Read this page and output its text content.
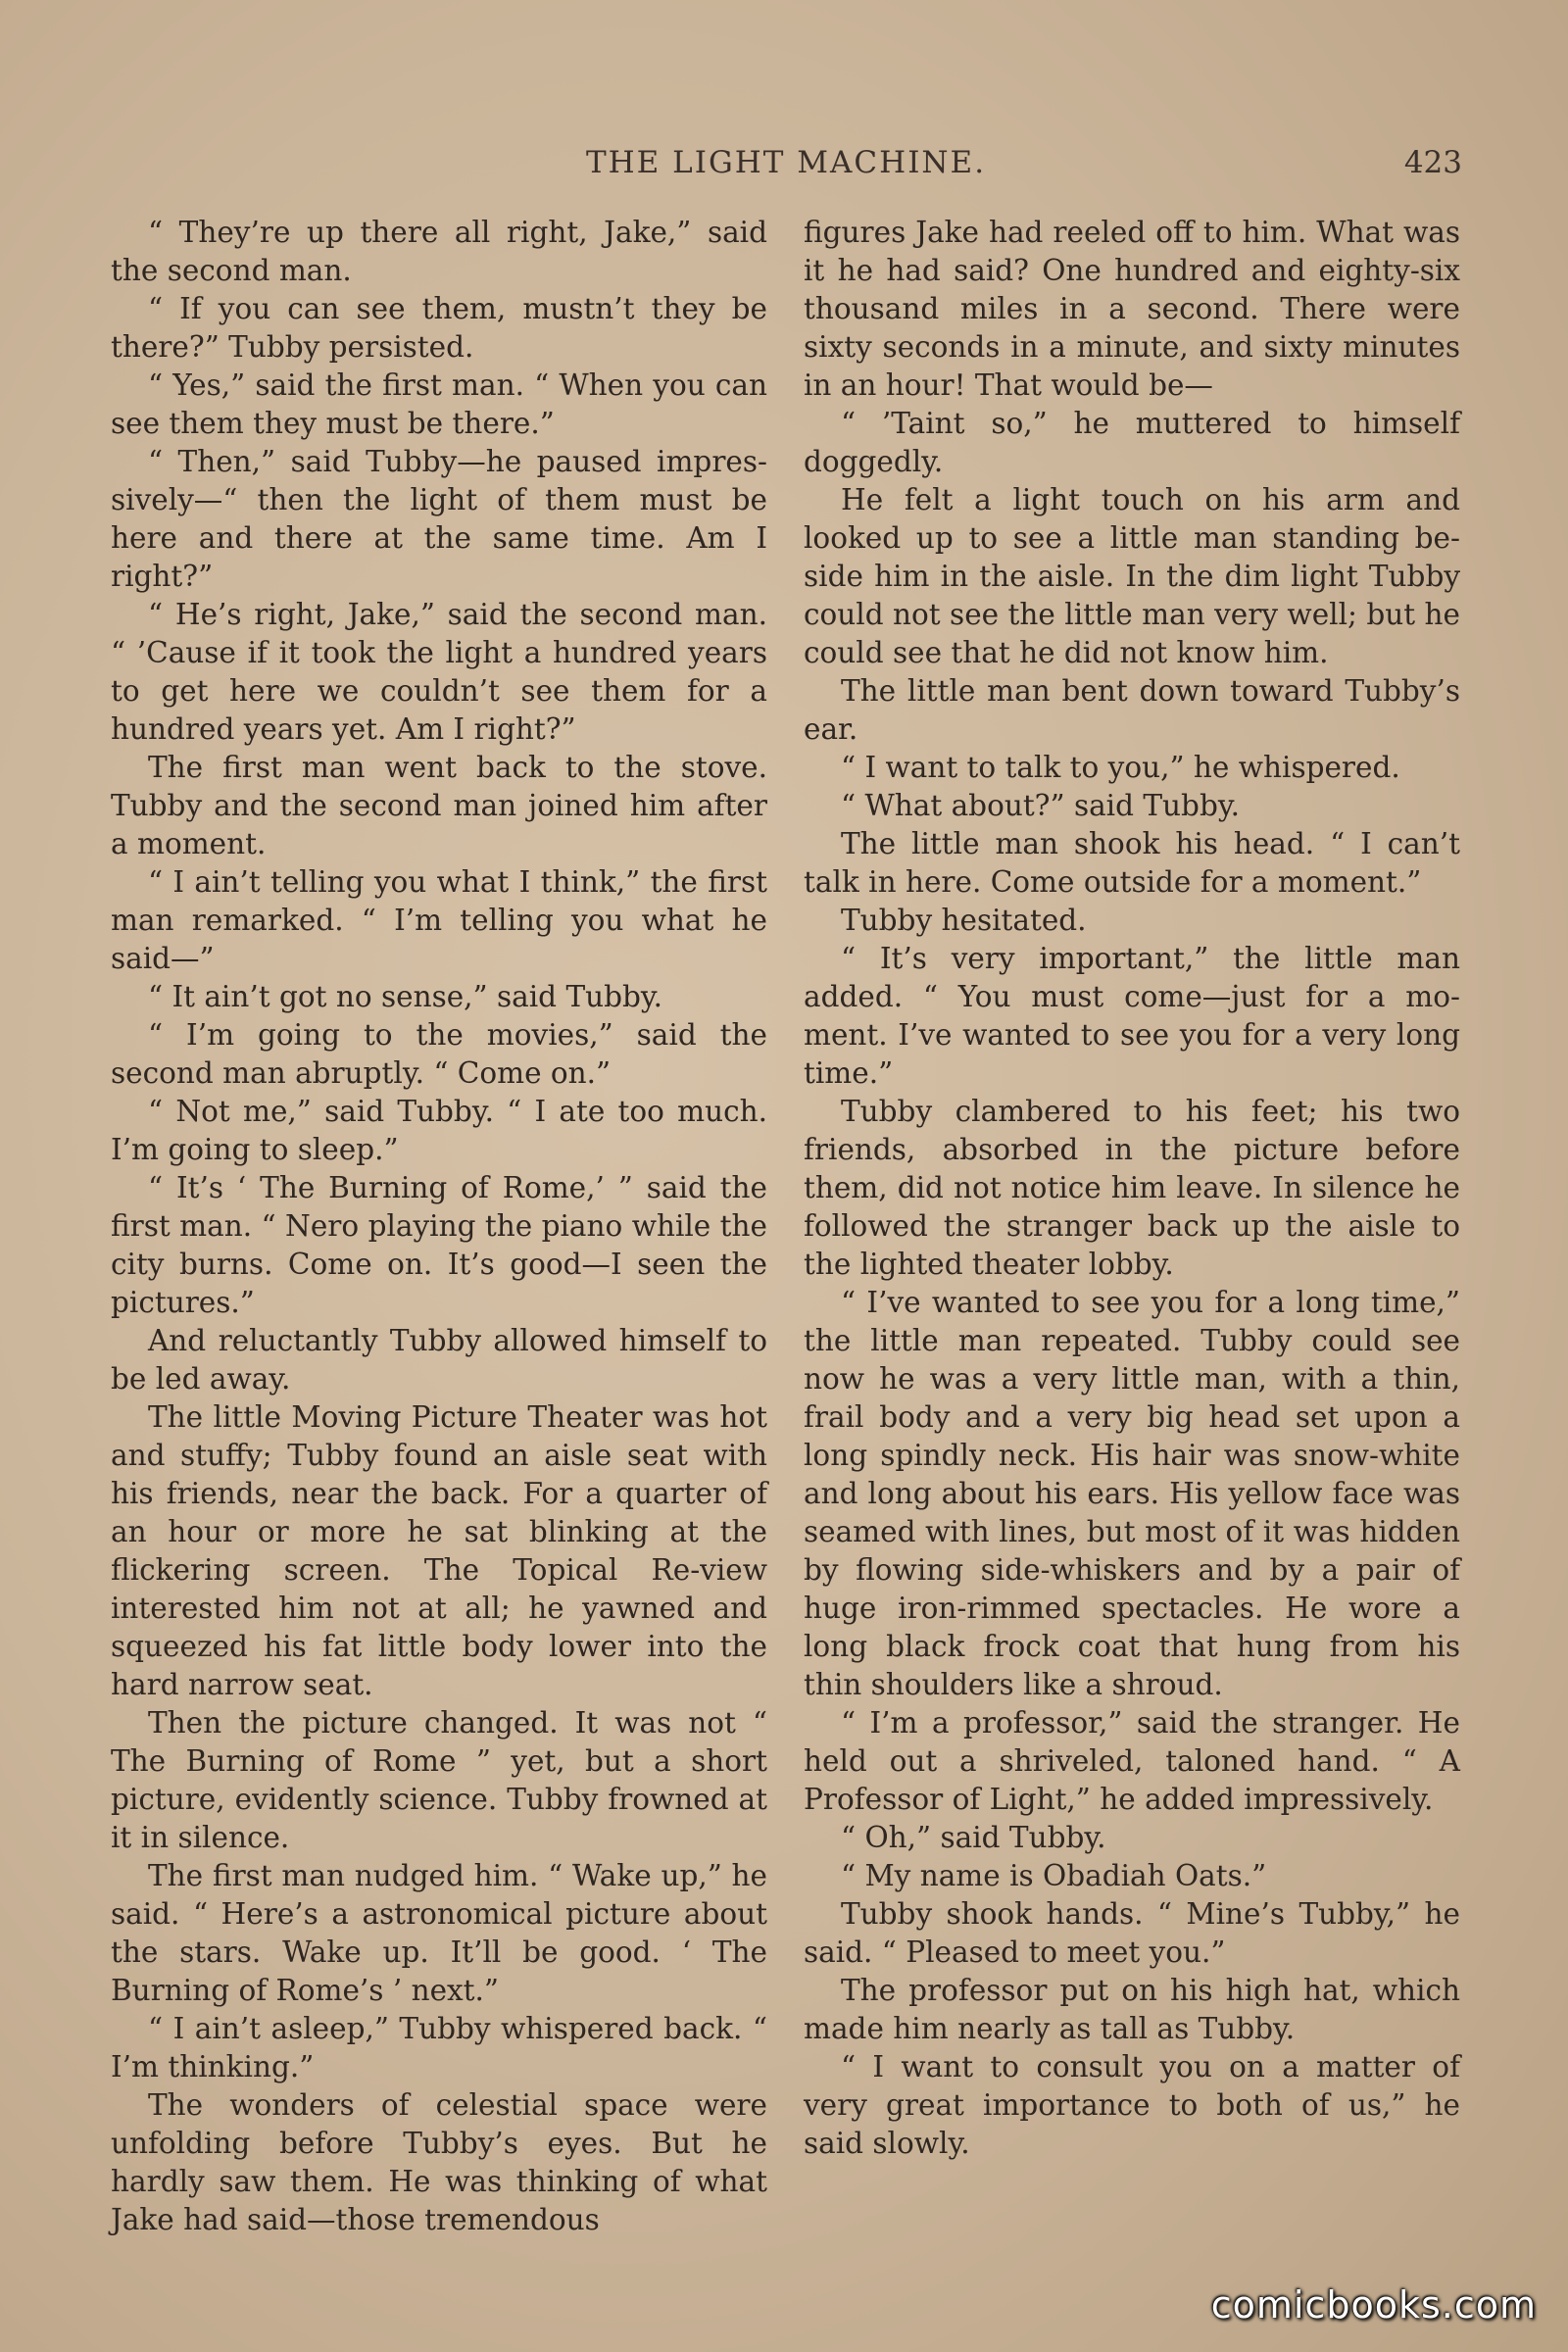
THE LIGHT MACHINE.	423

“ They’re up there all right, Jake,” said the second man.

“ If you can see them, mustn’t they be there?” Tubby persisted.

“ Yes,” said the first man. “ When you can see them they must be there.”

“ Then,” said Tubby—he paused impres-sively—“ then the light of them must be here and there at the same time. Am I right?”

“ He’s right, Jake,” said the second man. “ ’Cause if it took the light a hundred years to get here we couldn’t see them for a hundred years yet. Am I right?”

The first man went back to the stove. Tubby and the second man joined him after a moment.

“ I ain’t telling you what I think,” the first man remarked. “ I’m telling you what he said—”

“ It ain’t got no sense,” said Tubby.

“ I’m going to the movies,” said the second man abruptly. “ Come on.”

“ Not me,” said Tubby. “ I ate too much. I’m going to sleep.”

“ It’s ‘ The Burning of Rome,’ ” said the first man. “ Nero playing the piano while the city burns. Come on. It’s good—I seen the pictures.”

And reluctantly Tubby allowed himself to be led away.

The little Moving Picture Theater was hot and stuffy; Tubby found an aisle seat with his friends, near the back. For a quarter of an hour or more he sat blinking at the flickering screen. The Topical Re-view interested him not at all; he yawned and squeezed his fat little body lower into the hard narrow seat.

Then the picture changed. It was not “ The Burning of Rome ” yet, but a short picture, evidently science. Tubby frowned at it in silence.

The first man nudged him. “ Wake up,” he said. “ Here’s a astronomical picture about the stars. Wake up. It’ll be good. ‘ The Burning of Rome’s ’ next.”

“ I ain’t asleep,” Tubby whispered back. “ I’m thinking.”

The wonders of celestial space were unfolding before Tubby’s eyes. But he hardly saw them. He was thinking of what Jake had said—those tremendous

figures Jake had reeled off to him. What was it he had said? One hundred and eighty-six thousand miles in a second. There were sixty seconds in a minute, and sixty minutes in an hour! That would be—

“ ’Taint so,” he muttered to himself doggedly.

He felt a light touch on his arm and looked up to see a little man standing be-side him in the aisle. In the dim light Tubby could not see the little man very well; but he could see that he did not know him.

The little man bent down toward Tubby’s ear.

“ I want to talk to you,” he whispered.

“ What about?” said Tubby.

The little man shook his head. “ I can’t talk in here. Come outside for a moment.”

Tubby hesitated.

“ It’s very important,” the little man added. “ You must come—just for a mo-ment. I’ve wanted to see you for a very long time.”

Tubby clambered to his feet; his two friends, absorbed in the picture before them, did not notice him leave. In silence he followed the stranger back up the aisle to the lighted theater lobby.

“ I’ve wanted to see you for a long time,” the little man repeated. Tubby could see now he was a very little man, with a thin, frail body and a very big head set upon a long spindly neck. His hair was snow-white and long about his ears. His yellow face was seamed with lines, but most of it was hidden by flowing side-whiskers and by a pair of huge iron-rimmed spectacles. He wore a long black frock coat that hung from his thin shoulders like a shroud.

“ I’m a professor,” said the stranger. He held out a shriveled, taloned hand. “ A Professor of Light,” he added impressively.

“ Oh,” said Tubby.

“ My name is Obadiah Oats.”

Tubby shook hands. “ Mine’s Tubby,” he said. “ Pleased to meet you.”

The professor put on his high hat, which made him nearly as tall as Tubby.

“ I want to consult you on a matter of very great importance to both of us,” he said slowly.

comicbooks.com
